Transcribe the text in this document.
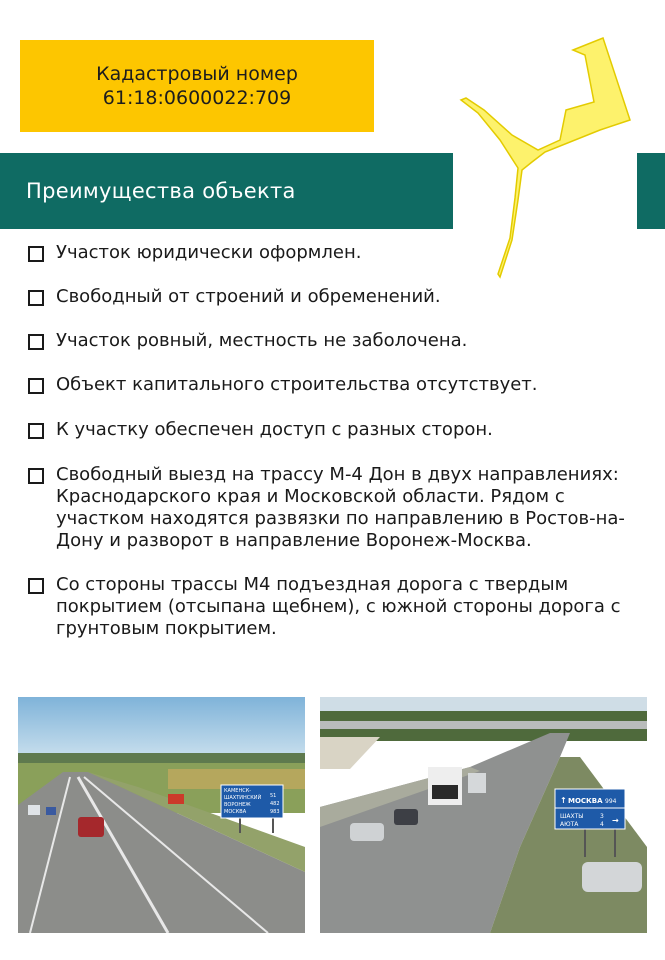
Кадастровый номер
61:18:0600022:709
Преимущества объекта
Участок юридически оформлен.
Свободный от строений и обременений.
Участок ровный, местность не заболочена.
Объект капитального строительства отсутствует.
К участку обеспечен доступ с разных сторон.
Свободный выезд на трассу М-4 Дон в двух направлениях: Краснодарского края и Московской области. Рядом с участком находятся развязки по направлению в Ростов-на-Дону и разворот в направление Воронеж-Москва.
Со стороны трассы М4 подъездная дорога с твердым покрытием (отсыпана щебнем), с южной стороны дорога с грунтовым покрытием.
КАМЕНСК-
ШАХТИНСКИЙ
ВОРОНЕЖ
МОСКВА
51
482
983
↑ МОСКВА 994
ШАХТЫ
АЮТА
3
4 →
